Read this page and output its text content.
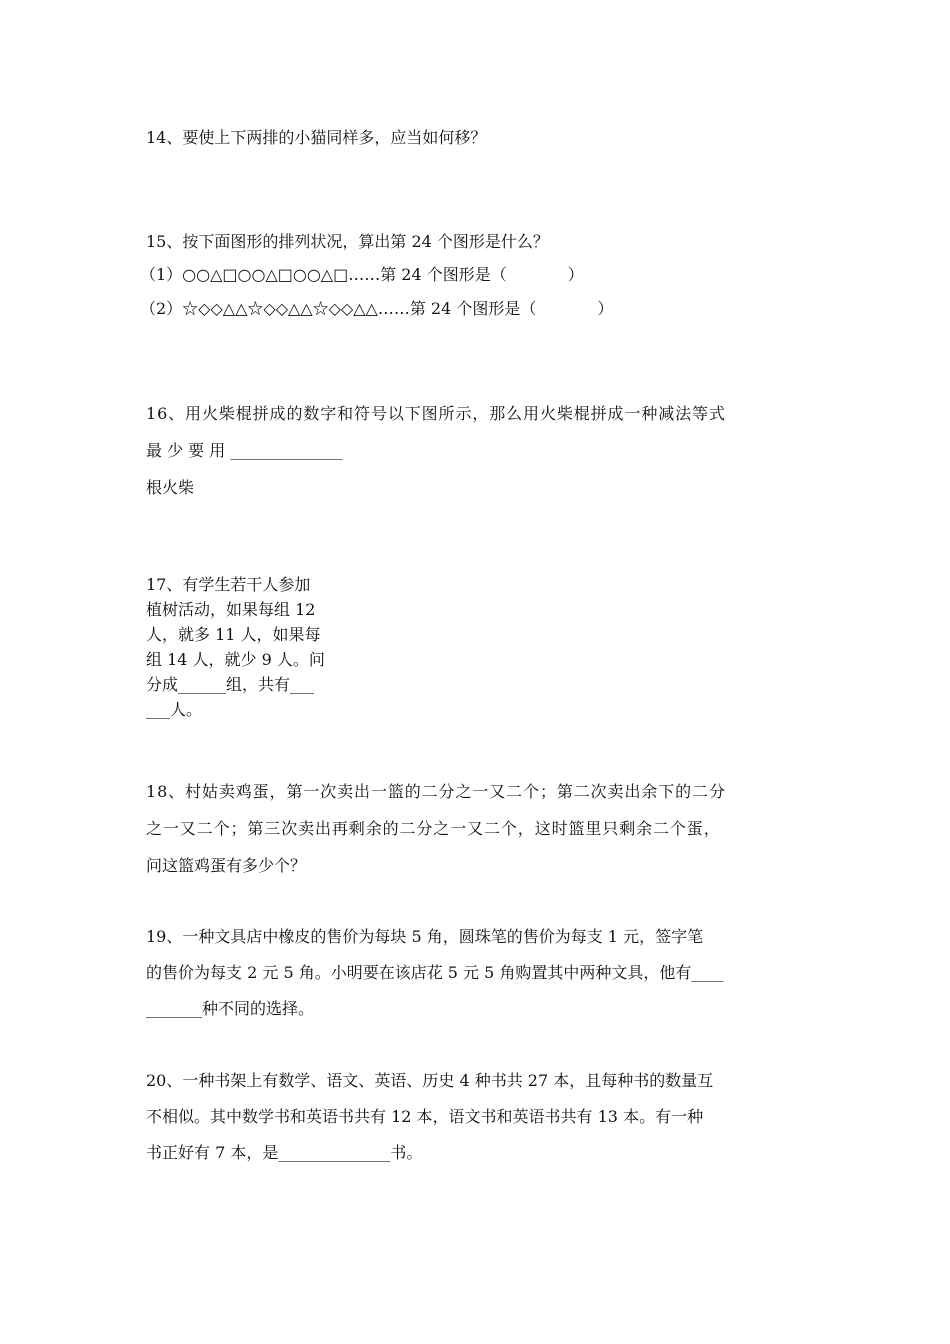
14、要使上下两排的小猫同样多，应当如何移？
15、按下面图形的排列状况，算出第 24 个图形是什么？
（1）○○△□○○△□○○△□……第 24 个图形是（            ）
（2）☆◇◇△△☆◇◇△△☆◇◇△△……第 24 个图形是（            ）
16、用火柴棍拼成的数字和符号以下图所示，那么用火柴棍拼成一种减法等式
最 少 要 用 ______________
根火柴
17、有学生若干人参加
植树活动，如果每组 12
人，就多 11 人，如果每
组 14 人，就少 9 人。问
分成______组，共有___
___人。
18、村姑卖鸡蛋，第一次卖出一篮的二分之一又二个；第二次卖出余下的二分
之一又二个；第三次卖出再剩余的二分之一又二个，这时篮里只剩余二个蛋，
问这篮鸡蛋有多少个？
19、一种文具店中橡皮的售价为每块 5 角，圆珠笔的售价为每支 1 元，签字笔
的售价为每支 2 元 5 角。小明要在该店花 5 元 5 角购置其中两种文具，他有____
_______种不同的选择。
20、一种书架上有数学、语文、英语、历史 4 种书共 27 本，且每种书的数量互
不相似。其中数学书和英语书共有 12 本，语文书和英语书共有 13 本。有一种
书正好有 7 本，是______________书。
